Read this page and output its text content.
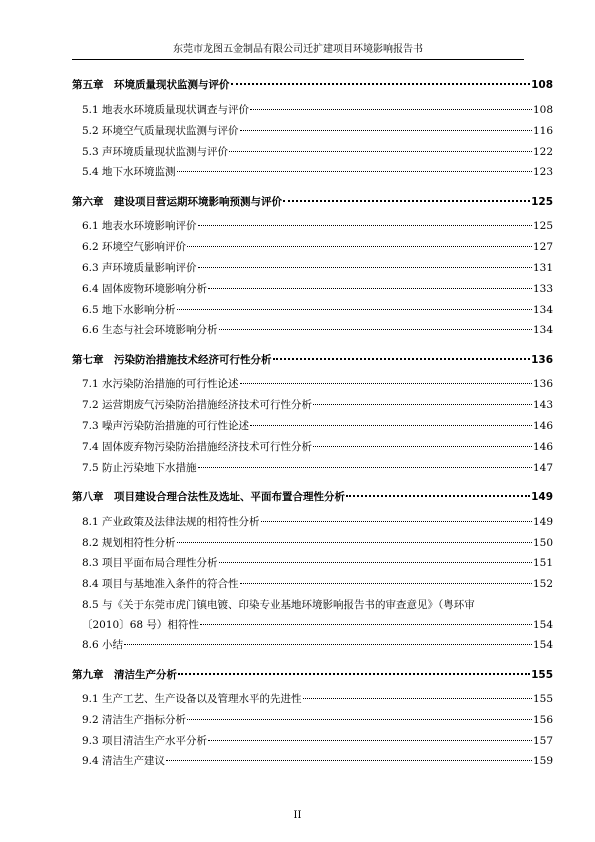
东莞市龙图五金制品有限公司迁扩建项目环境影响报告书
第五章　环境质量现状监测与评价	108
5.1 地表水环境质量现状调查与评价	108
5.2 环境空气质量现状监测与评价	116
5.3 声环境质量现状监测与评价	122
5.4 地下水环境监测	123
第六章　建设项目营运期环境影响预测与评价	125
6.1 地表水环境影响评价	125
6.2 环境空气影响评价	127
6.3 声环境质量影响评价	131
6.4 固体废物环境影响分析	133
6.5 地下水影响分析	134
6.6 生态与社会环境影响分析	134
第七章　污染防治措施技术经济可行性分析	136
7.1 水污染防治措施的可行性论述	136
7.2 运营期废气污染防治措施经济技术可行性分析	143
7.3 噪声污染防治措施的可行性论述	146
7.4 固体废弃物污染防治措施经济技术可行性分析	146
7.5 防止污染地下水措施	147
第八章　项目建设合理合法性及选址、平面布置合理性分析	149
8.1 产业政策及法律法规的相符性分析	149
8.2 规划相符性分析	150
8.3 项目平面布局合理性分析	151
8.4 项目与基地准入条件的符合性	152
8.5 与《关于东莞市虎门镇电镀、印染专业基地环境影响报告书的审查意见》（粤环审
〔2010〕68 号）相符性	154
8.6 小结	154
第九章　清洁生产分析	155
9.1 生产工艺、生产设备以及管理水平的先进性	155
9.2 清洁生产指标分析	156
9.3 项目清洁生产水平分析	157
9.4 清洁生产建议	159
II
